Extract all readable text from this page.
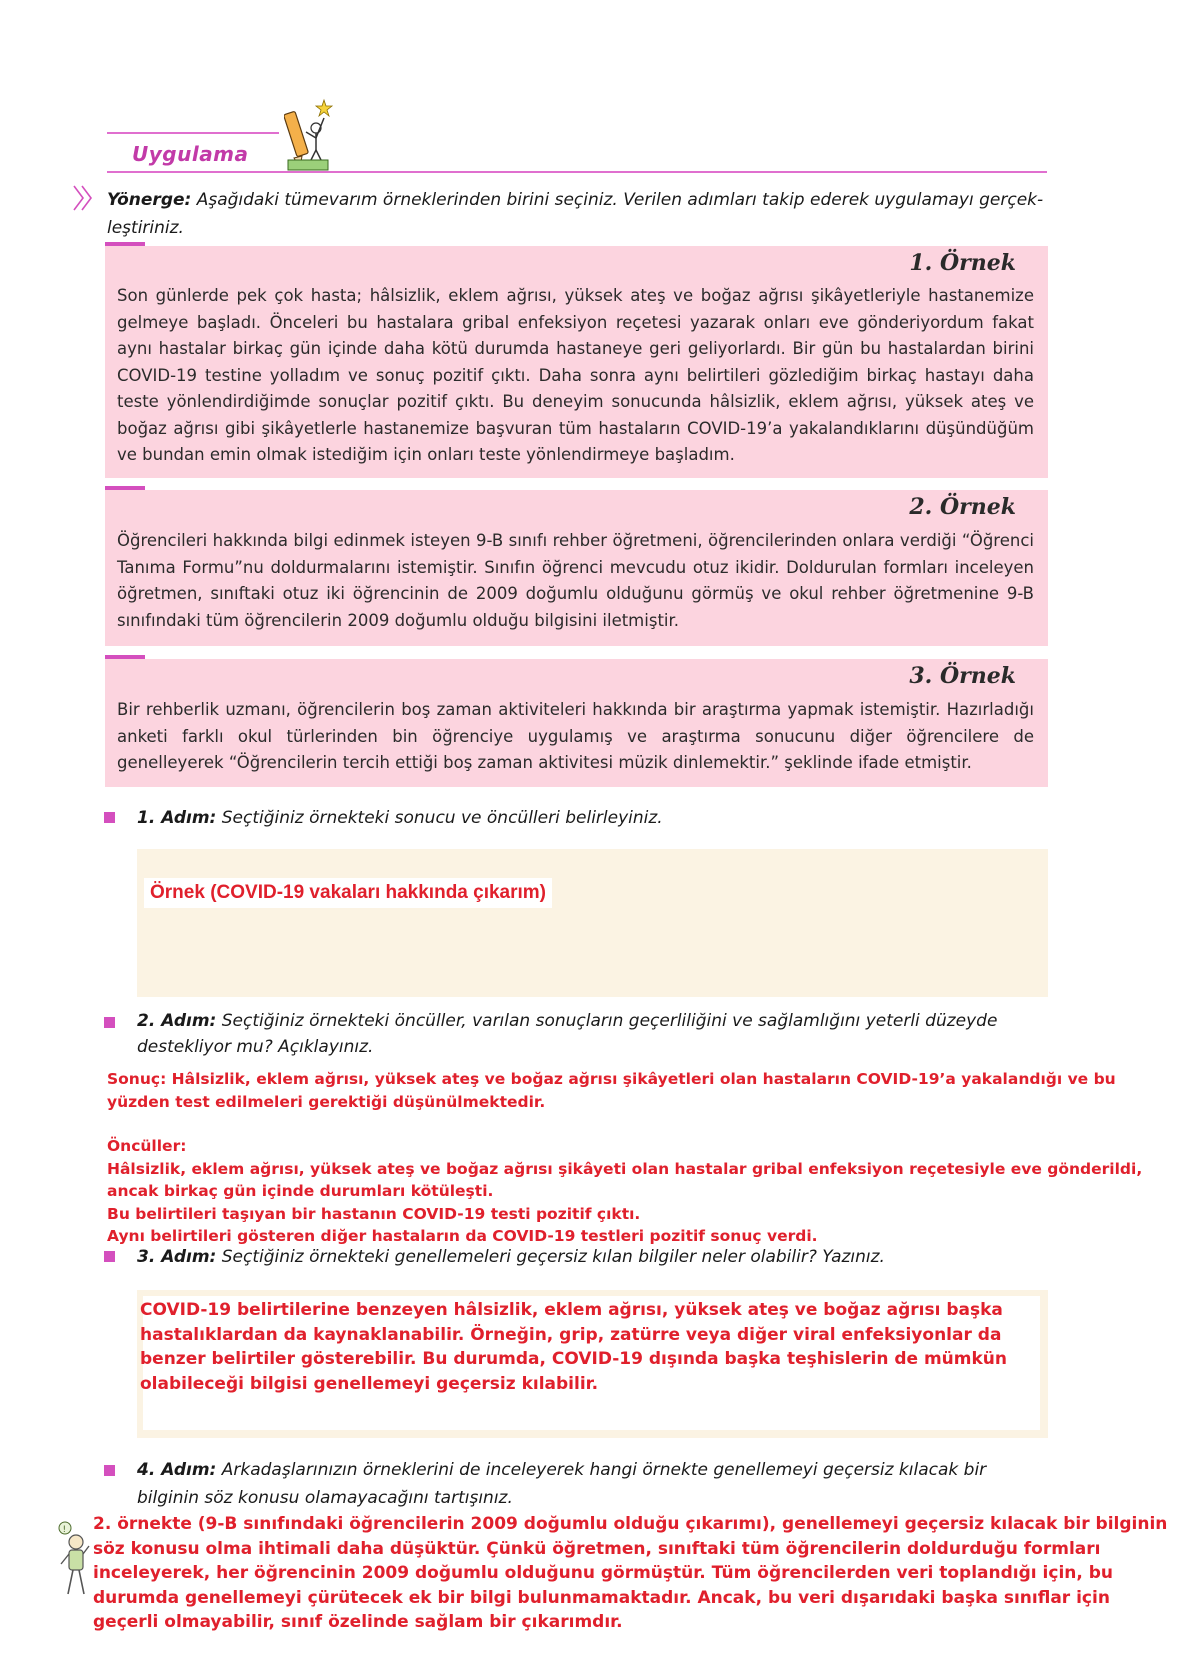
Uygulama
Yönerge: Aşağıdaki tümevarım örneklerinden birini seçiniz. Verilen adımları takip ederek uygulamayı gerçek-leştiriniz.
1. Örnek
Son günlerde pek çok hasta; hâlsizlik, eklem ağrısı, yüksek ateş ve boğaz ağrısı şikâyetleriyle hastanemize gelmeye başladı. Önceleri bu hastalara gribal enfeksiyon reçetesi yazarak onları eve gönderiyordum fakat aynı hastalar birkaç gün içinde daha kötü durumda hastaneye geri geliyorlardı. Bir gün bu hastalardan birini COVID-19 testine yolladım ve sonuç pozitif çıktı. Daha sonra aynı belirtileri gözlediğim birkaç hastayı daha teste yönlendirdiğimde sonuçlar pozitif çıktı. Bu deneyim sonucunda hâlsizlik, eklem ağrısı, yüksek ateş ve boğaz ağrısı gibi şikâyetlerle hastanemize başvuran tüm hastaların COVID-19’a yakalandıklarını düşündüğüm ve bundan emin olmak istediğim için onları teste yönlendirmeye başladım.
2. Örnek
Öğrencileri hakkında bilgi edinmek isteyen 9-B sınıfı rehber öğretmeni, öğrencilerinden onlara verdiği “Öğrenci Tanıma Formu”nu doldurmalarını istemiştir. Sınıfın öğrenci mevcudu otuz ikidir. Doldurulan formları inceleyen öğretmen, sınıftaki otuz iki öğrencinin de 2009 doğumlu olduğunu görmüş ve okul rehber öğretmenine 9-B sınıfındaki tüm öğrencilerin 2009 doğumlu olduğu bilgisini iletmiştir.
3. Örnek
Bir rehberlik uzmanı, öğrencilerin boş zaman aktiviteleri hakkında bir araştırma yapmak istemiştir. Hazırladığı anketi farklı okul türlerinden bin öğrenciye uygulamış ve araştırma sonucunu diğer öğrencilere de genelleyerek “Öğrencilerin tercih ettiği boş zaman aktivitesi müzik dinlemektir.” şeklinde ifade etmiştir.
1. Adım: Seçtiğiniz örnekteki sonucu ve öncülleri belirleyiniz.
Örnek (COVID-19 vakaları hakkında çıkarım)
2. Adım: Seçtiğiniz örnekteki öncüller, varılan sonuçların geçerliliğini ve sağlamlığını yeterli düzeyde destekliyor mu? Açıklayınız.

Sonuç: Hâlsizlik, eklem ağrısı, yüksek ateş ve boğaz ağrısı şikâyetleri olan hastaların COVID-19’a yakalandığı ve bu yüzden test edilmeleri gerektiği düşünülmektedir.

Öncüller:

Hâlsizlik, eklem ağrısı, yüksek ateş ve boğaz ağrısı şikâyeti olan hastalar gribal enfeksiyon reçetesiyle eve gönderildi, ancak birkaç gün içinde durumları kötüleşti.

Bu belirtileri taşıyan bir hastanın COVID-19 testi pozitif çıktı.

Aynı belirtileri gösteren diğer hastaların da COVID-19 testleri pozitif sonuç verdi.

3. Adım: Seçtiğiniz örnekteki genellemeleri geçersiz kılan bilgiler neler olabilir? Yazınız.
COVID-19 belirtilerine benzeyen hâlsizlik, eklem ağrısı, yüksek ateş ve boğaz ağrısı başka hastalıklardan da kaynaklanabilir. Örneğin, grip, zatürre veya diğer viral enfeksiyonlar da benzer belirtiler gösterebilir. Bu durumda, COVID-19 dışında başka teşhislerin de mümkün olabileceği bilgisi genellemeyi geçersiz kılabilir.
4. Adım: Arkadaşlarınızın örneklerini de inceleyerek hangi örnekte genellemeyi geçersiz kılacak bir bilginin söz konusu olamayacağını tartışınız.
! 2. örnekte (9-B sınıfındaki öğrencilerin 2009 doğumlu olduğu çıkarımı), genellemeyi geçersiz kılacak bir bilginin söz konusu olma ihtimali daha düşüktür. Çünkü öğretmen, sınıftaki tüm öğrencilerin doldurduğu formları inceleyerek, her öğrencinin 2009 doğumlu olduğunu görmüştür. Tüm öğrencilerden veri toplandığı için, bu durumda genellemeyi çürütecek ek bir bilgi bulunmamaktadır. Ancak, bu veri dışarıdaki başka sınıflar için geçerli olmayabilir, sınıf özelinde sağlam bir çıkarımdır.
